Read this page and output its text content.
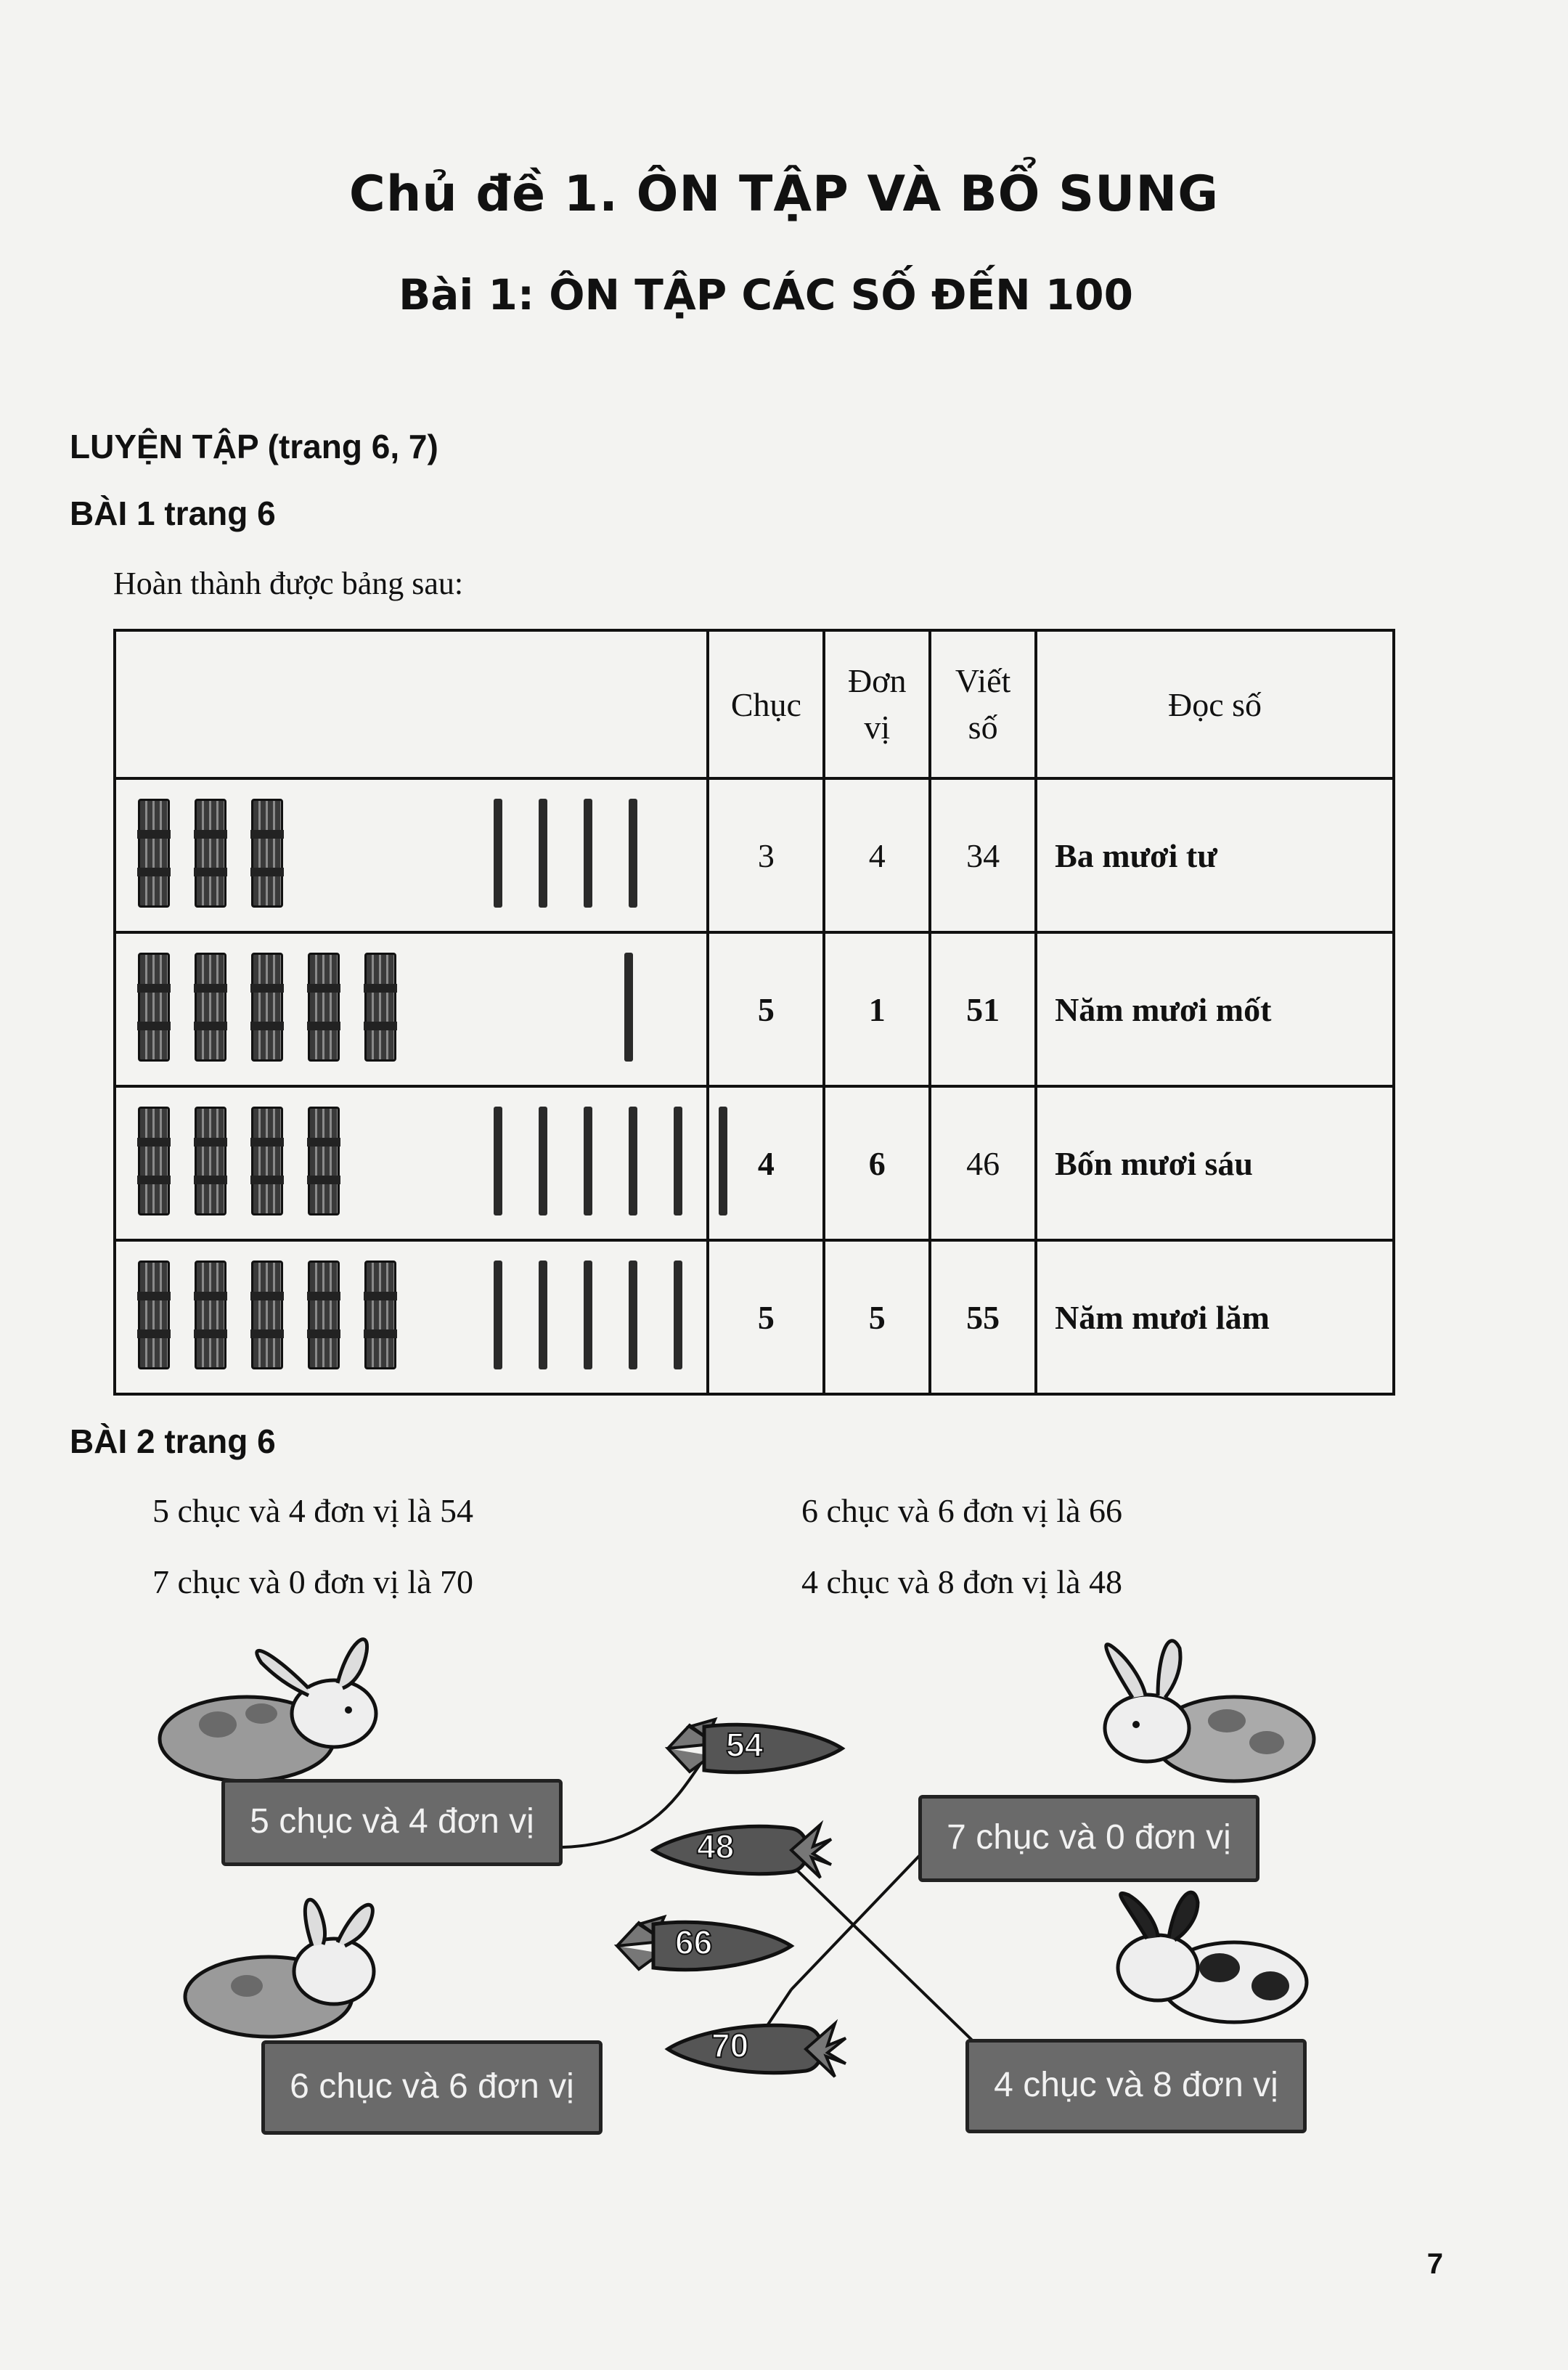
Chủ đề 1. ÔN TẬP VÀ BỔ SUNG
Bài 1: ÔN TẬP CÁC SỐ ĐẾN 100
LUYỆN TẬP (trang 6, 7)
BÀI 1 trang 6
Hoàn thành được bảng sau:
	Chục	Đơn vị	Viết số	Đọc số

	3	4	34	Ba mươi tư

	5	1	51	Năm mươi mốt

	4	6	46	Bốn mươi sáu

	5	5	55	Năm mươi lăm
BÀI 2 trang 6
5 chục và 4 đơn vị là 54	6 chục và 6 đơn vị là 66
7 chục và 0 đơn vị là 70	4 chục và 8 đơn vị là 48
5 chục và 4 đơn vị	7 chục và 0 đơn vị
6 chục và 6 đơn vị	4 chục và 8 đơn vị
54
48
66
70
7
